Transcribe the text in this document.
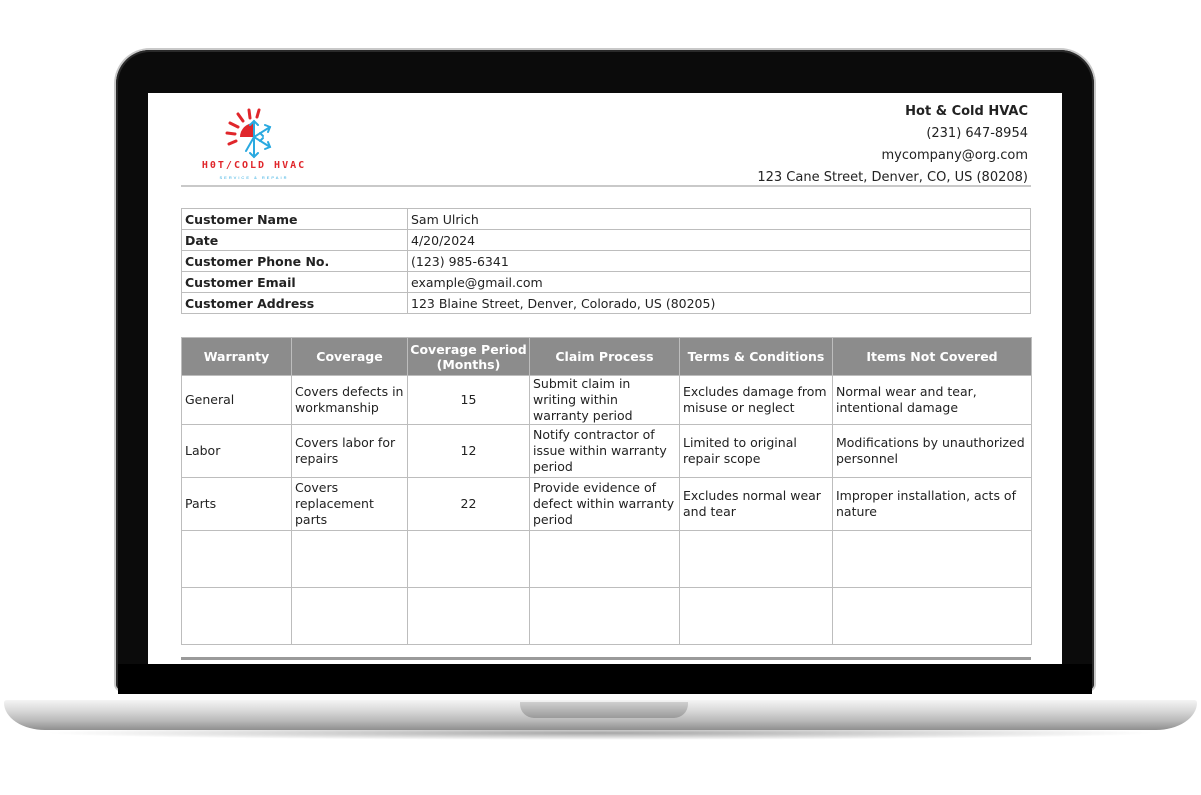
H0T/COLD HVAC
SERVICE & REPAIR
Hot & Cold HVAC
(231) 647-8954
mycompany@org.com
123 Cane Street, Denver, CO, US (80208)
Customer Name	Sam Ulrich
Date	4/20/2024
Customer Phone No.	(123) 985-6341
Customer Email	example@gmail.com
Customer Address	123 Blaine Street, Denver, Colorado, US (80205)
Warranty	Coverage	Coverage Period (Months)	Claim Process	Terms & Conditions	Items Not Covered
General	Covers defects in workmanship	15	Submit claim in writing within warranty period	Excludes damage from misuse or neglect	Normal wear and tear, intentional damage
Labor	Covers labor for repairs	12	Notify contractor of issue within warranty period	Limited to original repair scope	Modifications by unauthorized personnel
Parts	Covers replacement parts	22	Provide evidence of defect within warranty period	Excludes normal wear and tear	Improper installation, acts of nature
